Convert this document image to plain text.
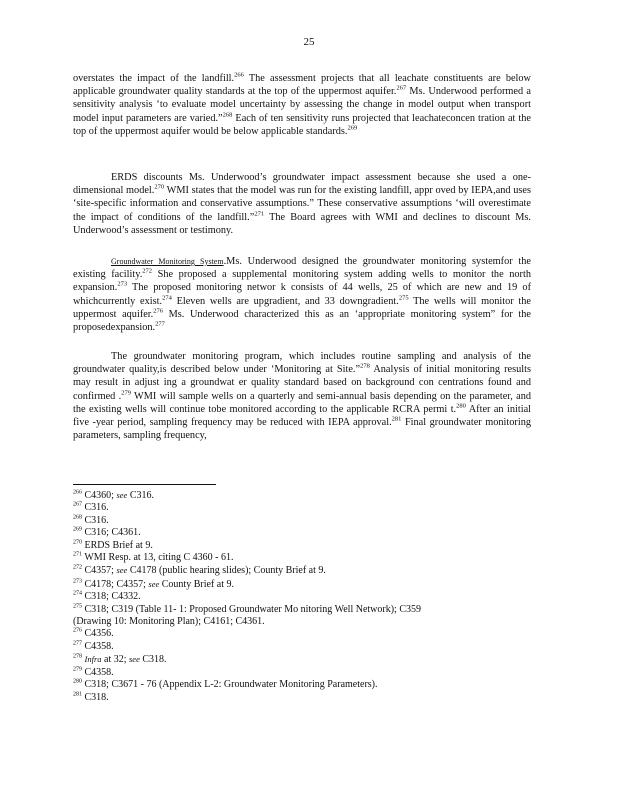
25

overstates the impact of the landfill.$^{266}$ The assessment projects that all leachate constituents are below applicable groundwater quality standards at the top of the uppermost aquifer.$^{267}$ Ms. Underwood performed a sensitivity analysis ‘to evaluate model uncertainty by assessing the change in model output when transport model input parameters are varied.”$^{268}$ Each of ten sensitivity runs projected that leachateconcen tration at the top of the uppermost aquifer would be below applicable standards.$^{269}$

ERDS discounts Ms. Underwood’s groundwater impact assessment because she used a one-dimensional model.$^{270}$ WMI states that the model was run for the existing landfill, appr oved by IEPA,and uses ‘site-specific information and conservative assumptions.” These conservative assumptions ‘will overestimate the impact of conditions of the landfill.”$^{271}$ The Board agrees with WMI and declines to discount Ms. Underwood’s assessment or testimony.

Groundwater Monitoring System.Ms. Underwood designed the groundwater monitoring systemfor the existing facility.$^{272}$ She proposed a supplemental monitoring system adding wells to monitor the north expansion.$^{273}$ The proposed monitoring networ k consists of 44 wells, 25 of which are new and 19 of whichcurrently exist.$^{274}$ Eleven wells are upgradient, and 33 downgradient.$^{275}$ The wells will monitor the uppermost aquifer.$^{276}$ Ms. Underwood characterized this as an ‘appropriate monitoring system” for the proposedexpansion.$^{277}$

The groundwater monitoring program, which includes routine sampling and analysis of the groundwater quality,is described below under ‘Monitoring at Site.”$^{278}$ Analysis of initial monitoring results may result in adjust ing a groundwat er quality standard based on background con centrations found and confirmed .$^{279}$ WMI will sample wells on a quarterly and semi-annual basis depending on the parameter, and the existing wells will continue tobe monitored according to the applicable RCRA permi t.$^{280}$ After an initial five -year period, sampling frequency may be reduced with IEPA approval.$^{281}$ Final groundwater monitoring parameters, sampling frequency,

$^{266}$ C4360; see C316.
$^{267}$ C316.
$^{268}$ C316.
$^{269}$ C316; C4361.
$^{270}$ ERDS Brief at 9.
$^{271}$ WMI Resp. at 13, citing C 4360 - 61.
$^{272}$ C4357; see C4178 (public hearing slides); County Brief at 9.
$^{273}$ C4178; C4357; see County Brief at 9.
$^{274}$ C318; C4332.
$^{275}$ C318; C319 (Table 11- 1: Proposed Groundwater Mo nitoring Well Network); C359
(Drawing 10: Monitoring Plan); C4161; C4361.
$^{276}$ C4356.
$^{277}$ C4358.
$^{278}$ Infra at 32; see C318.
$^{279}$ C4358.
$^{280}$ C318; C3671 - 76 (Appendix L-2: Groundwater Monitoring Parameters).
$^{281}$ C318.
